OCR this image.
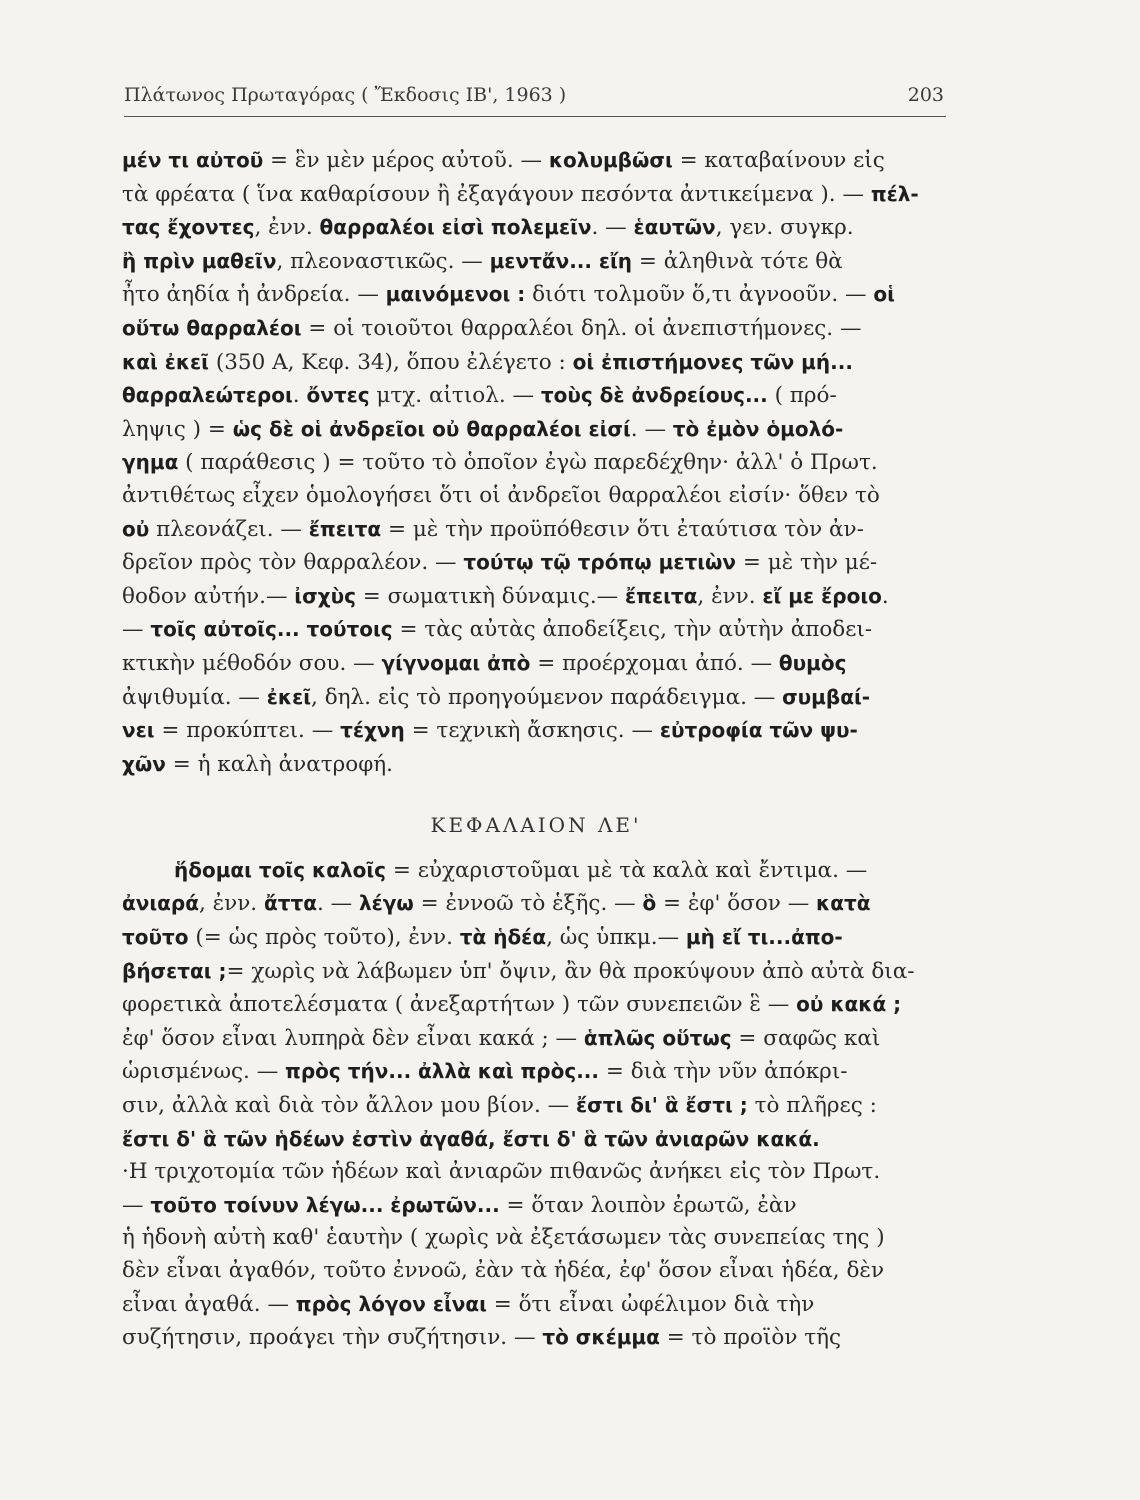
Πλάτωνος Πρωταγόρας ( Ἔκδοσις ΙΒ', 1963 )	203
μέν τι αὐτοῦ = ἓν μὲν μέρος αὐτοῦ. — κολυμβῶσι = καταβαίνουν εἰς
τὰ φρέατα ( ἵνα καθαρίσουν ἢ ἐξαγάγουν πεσόντα ἀντικείμενα ). — πέλ-
τας ἔχοντες, ἐνν. θαρραλέοι εἰσὶ πολεμεῖν. — ἑαυτῶν, γεν. συγκρ.
ἢ πρὶν μαθεῖν, πλεοναστικῶς. — μεντἄν... εἴη = ἀληθινὰ τότε θὰ
ἦτο ἀηδία ἡ ἀνδρεία. — μαινόμενοι : διότι τολμοῦν ὅ,τι ἀγνοοῦν. — οἱ
οὕτω θαρραλέοι = οἱ τοιοῦτοι θαρραλέοι δηλ. οἱ ἀνεπιστήμονες. —
καὶ ἐκεῖ (350 A, Κεφ. 34), ὅπου ἐλέγετο : οἱ ἐπιστήμονες τῶν μή...
θαρραλεώτεροι. ὄντες μτχ. αἰτιολ. — τοὺς δὲ ἀνδρείους... ( πρό-
ληψις ) = ὡς δὲ οἱ ἀνδρεῖοι οὐ θαρραλέοι εἰσί. — τὸ ἐμὸν ὁμολό-
γημα ( παράθεσις ) = τοῦτο τὸ ὁποῖον ἐγὼ παρεδέχθην· ἀλλ' ὁ Πρωτ.
ἀντιθέτως εἶχεν ὁμολογήσει ὅτι οἱ ἀνδρεῖοι θαρραλέοι εἰσίν· ὅθεν τὸ
οὐ πλεονάζει. — ἔπειτα = μὲ τὴν προϋπόθεσιν ὅτι ἐταύτισα τὸν ἀν-
δρεῖον πρὸς τὸν θαρραλέον. — τούτῳ τῷ τρόπῳ μετιὼν = μὲ τὴν μέ-
θοδον αὐτήν.— ἰσχὺς = σωματικὴ δύναμις.— ἔπειτα, ἐνν. εἴ με ἔροιο.
— τοῖς αὐτοῖς... τούτοις = τὰς αὐτὰς ἀποδείξεις, τὴν αὐτὴν ἀποδει-
κτικὴν μέθοδόν σου. — γίγνομαι ἀπὸ = προέρχομαι ἀπό. — θυμὸς
ἀψιθυμία. — ἐκεῖ, δηλ. εἰς τὸ προηγούμενον παράδειγμα. — συμβαί-
νει = προκύπτει. — τέχνη = τεχνικὴ ἄσκησις. — εὐτροφία τῶν ψυ-
χῶν = ἡ καλὴ ἀνατροφή.
ΚΕΦΑΛΑΙΟΝ ΛΕ'
ἥδομαι τοῖς καλοῖς = εὐχαριστοῦμαι μὲ τὰ καλὰ καὶ ἔντιμα. —
ἀνιαρά, ἐνν. ἄττα. — λέγω = ἐννοῶ τὸ ἑξῆς. — ὃ = ἐφ' ὅσον — κατὰ
τοῦτο (= ὡς πρὸς τοῦτο), ἐνν. τὰ ἡδέα, ὡς ὑπκμ.— μὴ εἴ τι...ἀπο-
βήσεται ;= χωρὶς νὰ λάβωμεν ὑπ' ὄψιν, ἂν θὰ προκύψουν ἀπὸ αὐτὰ δια-
φορετικὰ ἀποτελέσματα ( ἀνεξαρτήτων ) τῶν συνεπειῶν ἓ — οὐ κακά ;
ἐφ' ὅσον εἶναι λυπηρὰ δὲν εἶναι κακά ; — ἁπλῶς οὕτως = σαφῶς καὶ
ὡρισμένως. — πρὸς τήν... ἀλλὰ καὶ πρὸς... = διὰ τὴν νῦν ἀπόκρι-
σιν, ἀλλὰ καὶ διὰ τὸν ἄλλον μου βίον. — ἔστι δι' ἃ ἔστι ; τὸ πλῆρες :
ἔστι δ' ἃ τῶν ἡδέων ἐστὶν ἀγαθά, ἔστι δ' ἃ τῶν ἀνιαρῶν κακά.
·Η τριχοτομία τῶν ἡδέων καὶ ἀνιαρῶν πιθανῶς ἀνήκει εἰς τὸν Πρωτ.
— τοῦτο τοίνυν λέγω... ἐρωτῶν... = ὅταν λοιπὸν ἐρωτῶ, ἐὰν
ἡ ἡδονὴ αὐτὴ καθ' ἑαυτὴν ( χωρὶς νὰ ἐξετάσωμεν τὰς συνεπείας της )
δὲν εἶναι ἀγαθόν, τοῦτο ἐννοῶ, ἐὰν τὰ ἡδέα, ἐφ' ὅσον εἶναι ἡδέα, δὲν
εἶναι ἀγαθά. — πρὸς λόγον εἶναι = ὅτι εἶναι ὠφέλιμον διὰ τὴν
συζήτησιν, προάγει τὴν συζήτησιν. — τὸ σκέμμα = τὸ προϊὸν τῆς
